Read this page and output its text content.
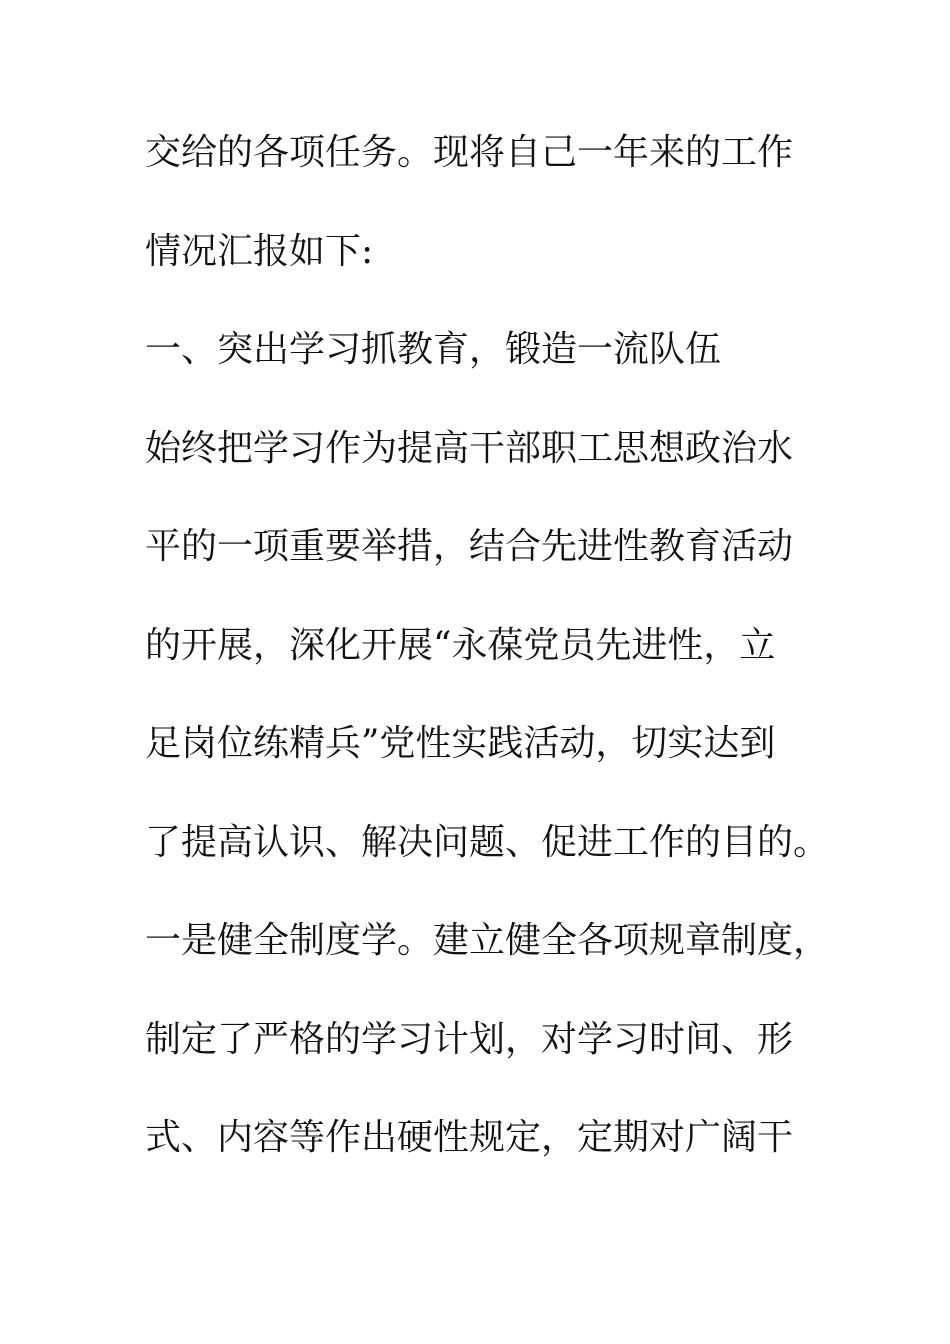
交给的各项任务。现将自己一年来的工作
情况汇报如下:
一、突出学习抓教育，锻造一流队伍
始终把学习作为提高干部职工思想政治水
平的一项重要举措，结合先进性教育活动
的开展，深化开展“永葆党员先进性，立
足岗位练精兵”党性实践活动，切实达到
了提高认识、解决问题、促进工作的目的。
一是健全制度学。建立健全各项规章制度，
制定了严格的学习计划，对学习时间、形
式、内容等作出硬性规定，定期对广阔干
